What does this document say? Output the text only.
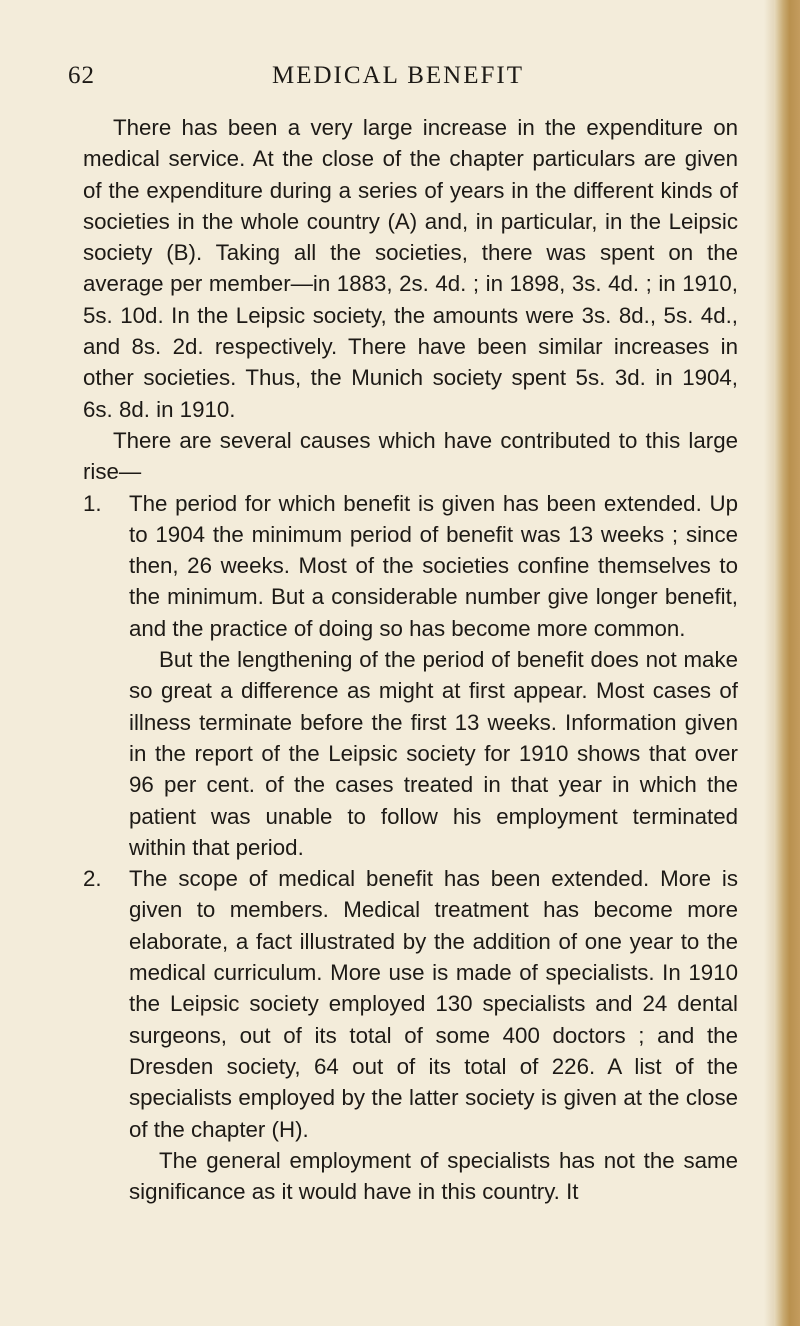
62	MEDICAL BENEFIT

There has been a very large increase in the expenditure on medical service. At the close of the chapter particulars are given of the expenditure during a series of years in the different kinds of societies in the whole country (A) and, in particular, in the Leipsic society (B). Taking all the societies, there was spent on the average per member—in 1883, 2s. 4d. ; in 1898, 3s. 4d. ; in 1910, 5s. 10d. In the Leipsic society, the amounts were 3s. 8d., 5s. 4d., and 8s. 2d. respectively. There have been similar increases in other societies. Thus, the Munich society spent 5s. 3d. in 1904, 6s. 8d. in 1910.

There are several causes which have contributed to this large rise—

1. The period for which benefit is given has been extended. Up to 1904 the minimum period of benefit was 13 weeks ; since then, 26 weeks. Most of the societies confine themselves to the minimum. But a considerable number give longer benefit, and the practice of doing so has become more common.

But the lengthening of the period of benefit does not make so great a difference as might at first appear. Most cases of illness terminate before the first 13 weeks. Information given in the report of the Leipsic society for 1910 shows that over 96 per cent. of the cases treated in that year in which the patient was unable to follow his employment terminated within that period.

2. The scope of medical benefit has been extended. More is given to members. Medical treatment has become more elaborate, a fact illustrated by the addition of one year to the medical curriculum. More use is made of specialists. In 1910 the Leipsic society employed 130 specialists and 24 dental surgeons, out of its total of some 400 doctors ; and the Dresden society, 64 out of its total of 226. A list of the specialists employed by the latter society is given at the close of the chapter (H).

The general employment of specialists has not the same significance as it would have in this country. It
